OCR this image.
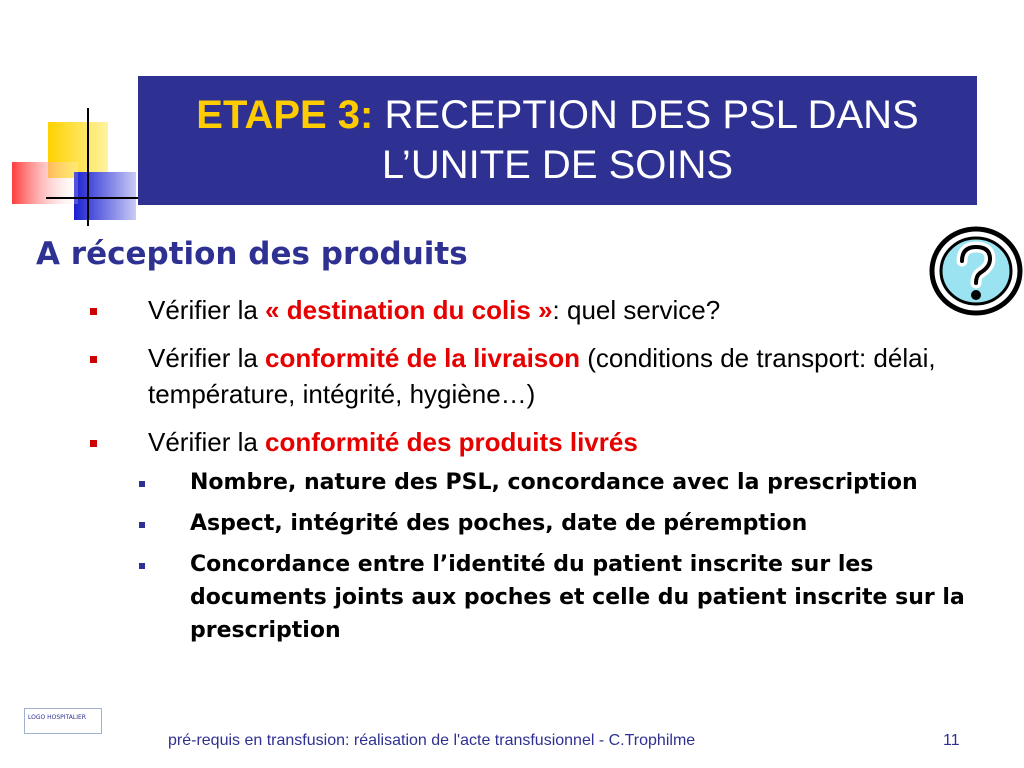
ETAPE 3: RECEPTION DES PSL DANS
L’UNITE DE SOINS
A réception des produits
Vérifier la « destination du colis »: quel service?
Vérifier la conformité de la livraison (conditions de transport: délai, température, intégrité, hygiène…)
Vérifier la conformité des produits livrés
Nombre, nature des PSL, concordance avec la prescription
Aspect, intégrité des poches, date de péremption
Concordance entre l’identité du patient inscrite sur les documents joints aux poches et celle du patient inscrite sur la prescription
LOGO HOSPITALIER
pré-requis en transfusion: réalisation de l'acte transfusionnel - C.Trophilme	11
